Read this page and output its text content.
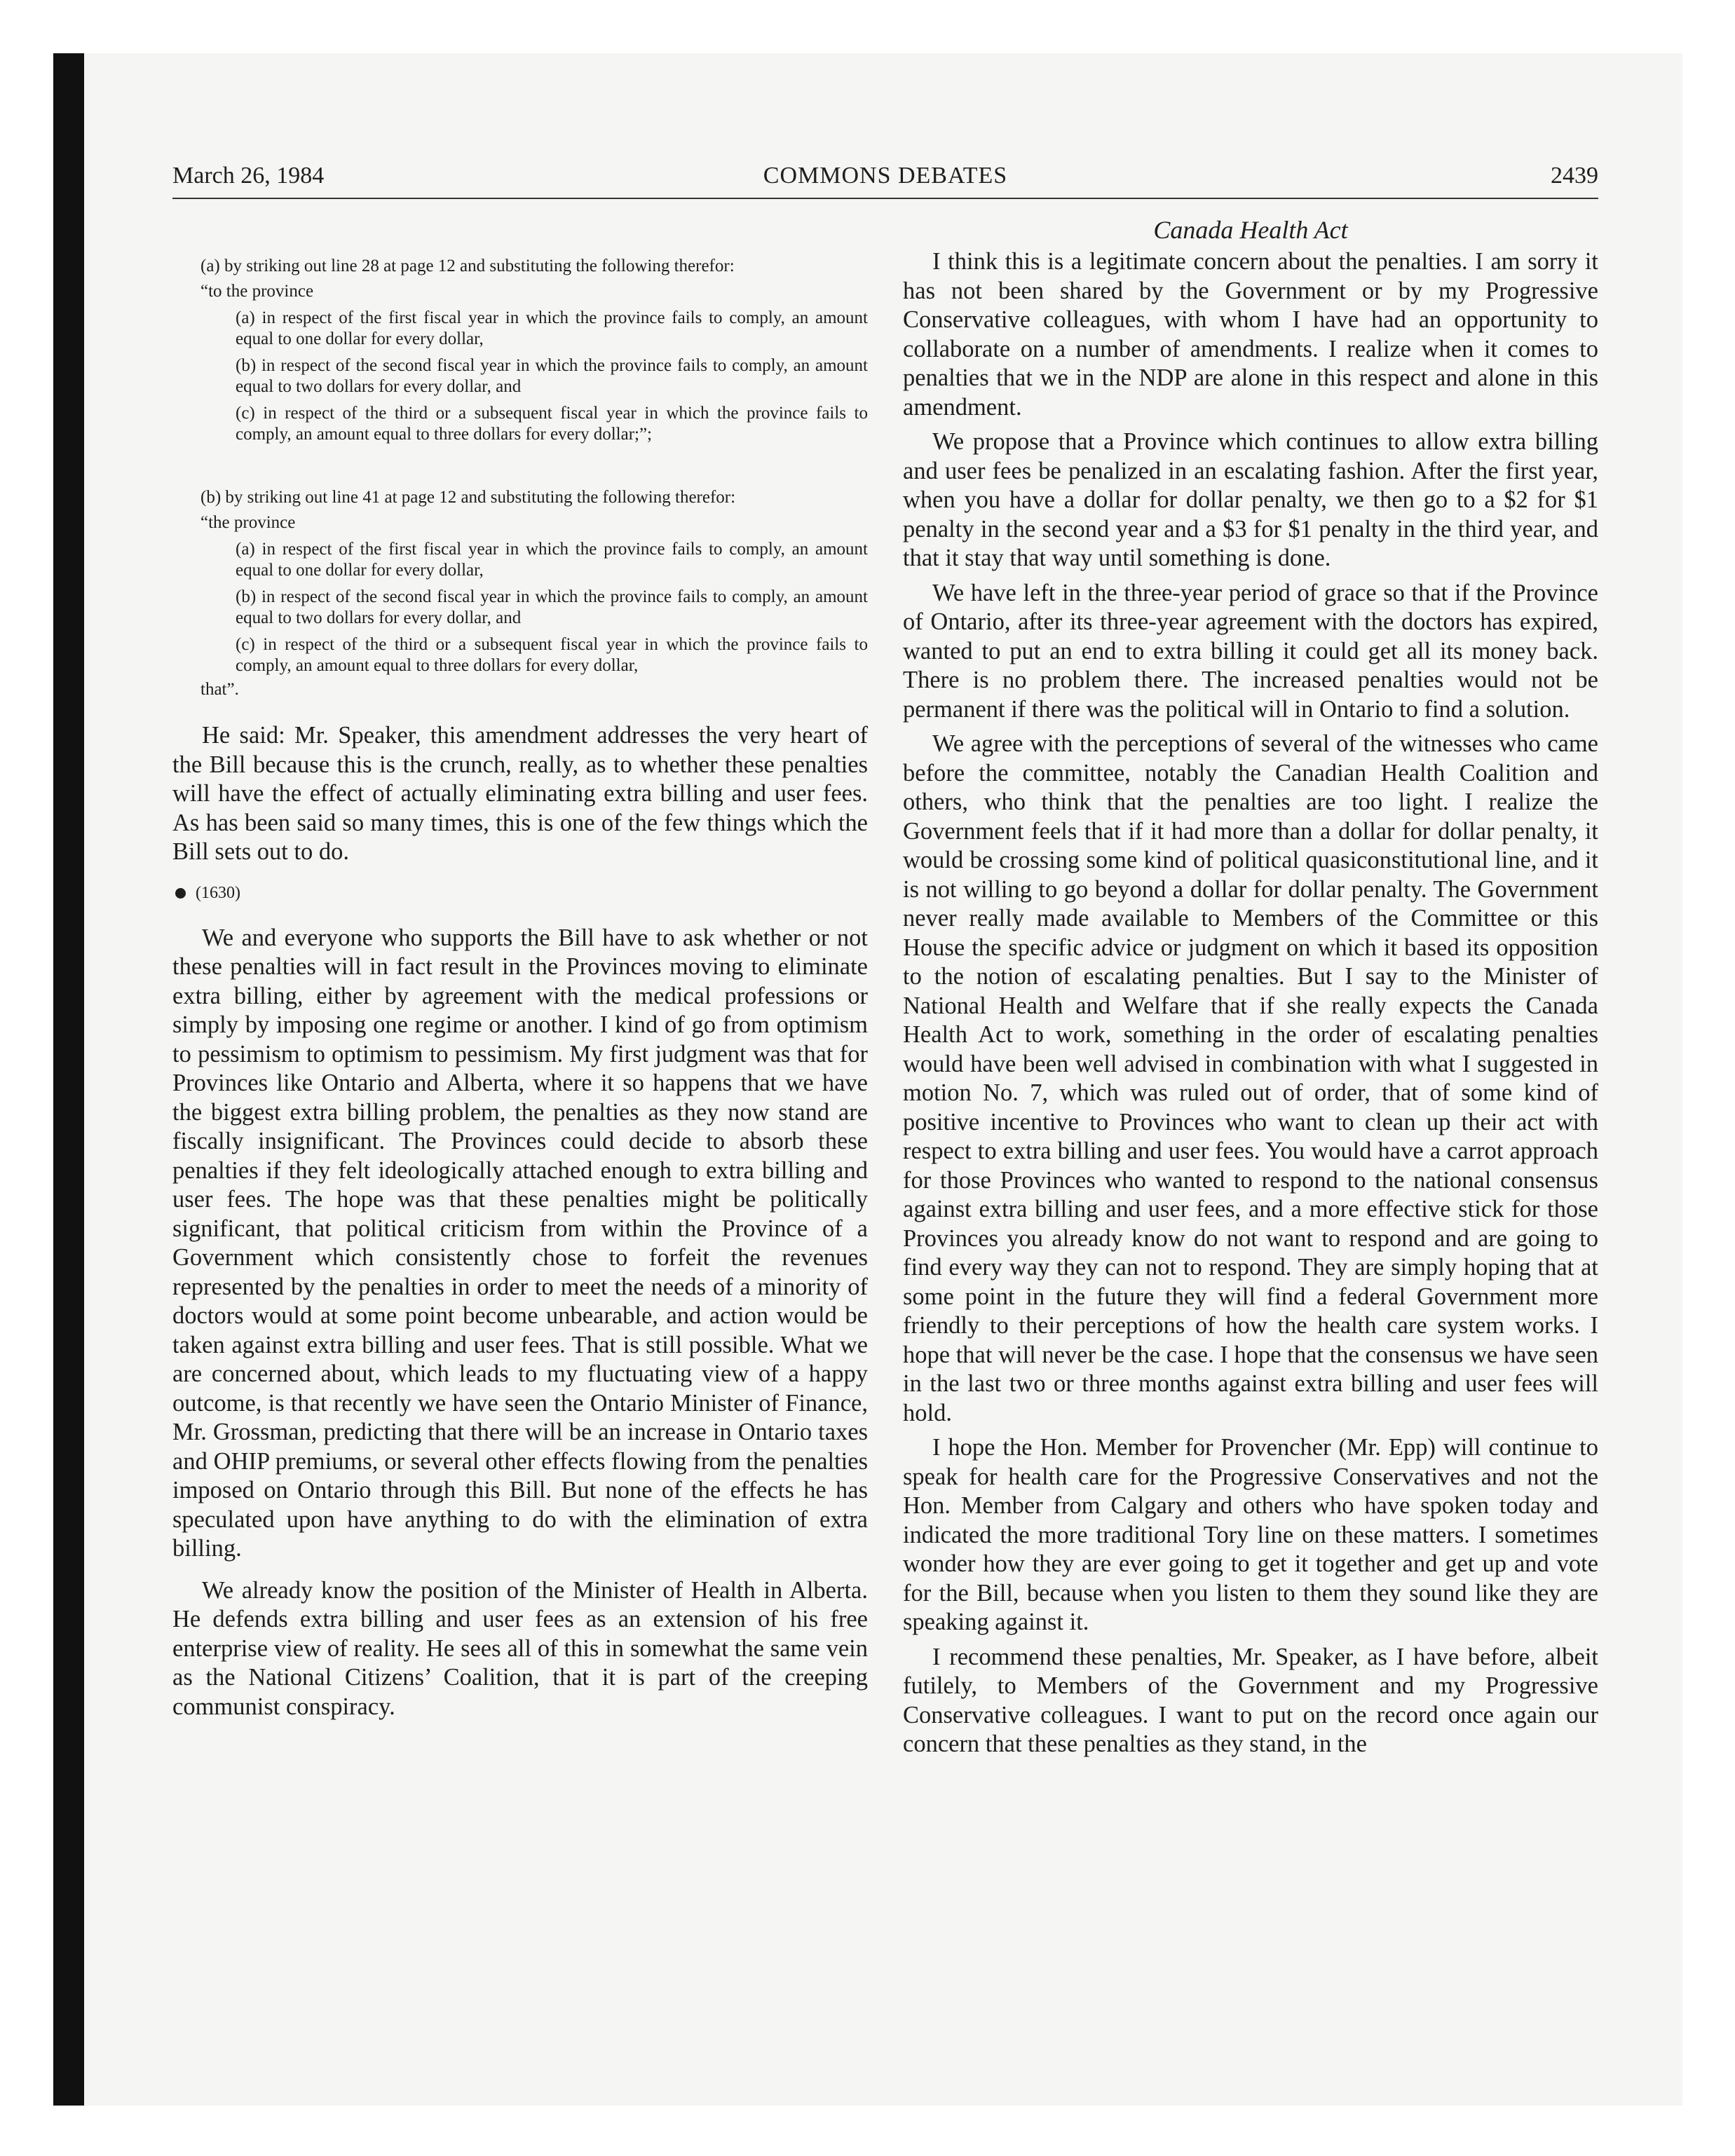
March 26, 1984	COMMONS DEBATES	2439

(a) by striking out line 28 at page 12 and substituting the following therefor:

“to the province

(a) in respect of the first fiscal year in which the province fails to comply, an amount equal to one dollar for every dollar,

(b) in respect of the second fiscal year in which the province fails to comply, an amount equal to two dollars for every dollar, and

(c) in respect of the third or a subsequent fiscal year in which the province fails to comply, an amount equal to three dollars for every dollar;”;

(b) by striking out line 41 at page 12 and substituting the following therefor:

“the province

(a) in respect of the first fiscal year in which the province fails to comply, an amount equal to one dollar for every dollar,

(b) in respect of the second fiscal year in which the province fails to comply, an amount equal to two dollars for every dollar, and

(c) in respect of the third or a subsequent fiscal year in which the province fails to comply, an amount equal to three dollars for every dollar,

that”.

He said: Mr. Speaker, this amendment addresses the very heart of the Bill because this is the crunch, really, as to whether these penalties will have the effect of actually eliminating extra billing and user fees. As has been said so many times, this is one of the few things which the Bill sets out to do.

(1630)

We and everyone who supports the Bill have to ask whether or not these penalties will in fact result in the Provinces moving to eliminate extra billing, either by agreement with the medical professions or simply by imposing one regime or another. I kind of go from optimism to pessimism to optimism to pessimism. My first judgment was that for Provinces like Ontario and Alberta, where it so happens that we have the biggest extra billing problem, the penalties as they now stand are fiscally insignificant. The Provinces could decide to absorb these penalties if they felt ideologically attached enough to extra billing and user fees. The hope was that these penalties might be politically significant, that political criticism from within the Province of a Government which consistently chose to forfeit the revenues represented by the penalties in order to meet the needs of a minority of doctors would at some point become unbearable, and action would be taken against extra billing and user fees. That is still possible. What we are concerned about, which leads to my fluctuating view of a happy outcome, is that recently we have seen the Ontario Minister of Finance, Mr. Grossman, predicting that there will be an increase in Ontario taxes and OHIP premiums, or several other effects flowing from the penalties imposed on Ontario through this Bill. But none of the effects he has speculated upon have anything to do with the elimination of extra billing.

We already know the position of the Minister of Health in Alberta. He defends extra billing and user fees as an extension of his free enterprise view of reality. He sees all of this in somewhat the same vein as the National Citizens’ Coalition, that it is part of the creeping communist conspiracy.

Canada Health Act

I think this is a legitimate concern about the penalties. I am sorry it has not been shared by the Government or by my Progressive Conservative colleagues, with whom I have had an opportunity to collaborate on a number of amendments. I realize when it comes to penalties that we in the NDP are alone in this respect and alone in this amendment.

We propose that a Province which continues to allow extra billing and user fees be penalized in an escalating fashion. After the first year, when you have a dollar for dollar penalty, we then go to a $2 for $1 penalty in the second year and a $3 for $1 penalty in the third year, and that it stay that way until something is done.

We have left in the three-year period of grace so that if the Province of Ontario, after its three-year agreement with the doctors has expired, wanted to put an end to extra billing it could get all its money back. There is no problem there. The increased penalties would not be permanent if there was the political will in Ontario to find a solution.

We agree with the perceptions of several of the witnesses who came before the committee, notably the Canadian Health Coalition and others, who think that the penalties are too light. I realize the Government feels that if it had more than a dollar for dollar penalty, it would be crossing some kind of political quasiconstitutional line, and it is not willing to go beyond a dollar for dollar penalty. The Government never really made available to Members of the Committee or this House the specific advice or judgment on which it based its opposition to the notion of escalating penalties. But I say to the Minister of National Health and Welfare that if she really expects the Canada Health Act to work, something in the order of escalating penalties would have been well advised in combination with what I suggested in motion No. 7, which was ruled out of order, that of some kind of positive incentive to Provinces who want to clean up their act with respect to extra billing and user fees. You would have a carrot approach for those Provinces who wanted to respond to the national consensus against extra billing and user fees, and a more effective stick for those Provinces you already know do not want to respond and are going to find every way they can not to respond. They are simply hoping that at some point in the future they will find a federal Government more friendly to their perceptions of how the health care system works. I hope that will never be the case. I hope that the consensus we have seen in the last two or three months against extra billing and user fees will hold.

I hope the Hon. Member for Provencher (Mr. Epp) will continue to speak for health care for the Progressive Conservatives and not the Hon. Member from Calgary and others who have spoken today and indicated the more traditional Tory line on these matters. I sometimes wonder how they are ever going to get it together and get up and vote for the Bill, because when you listen to them they sound like they are speaking against it.

I recommend these penalties, Mr. Speaker, as I have before, albeit futilely, to Members of the Government and my Progressive Conservative colleagues. I want to put on the record once again our concern that these penalties as they stand, in the
